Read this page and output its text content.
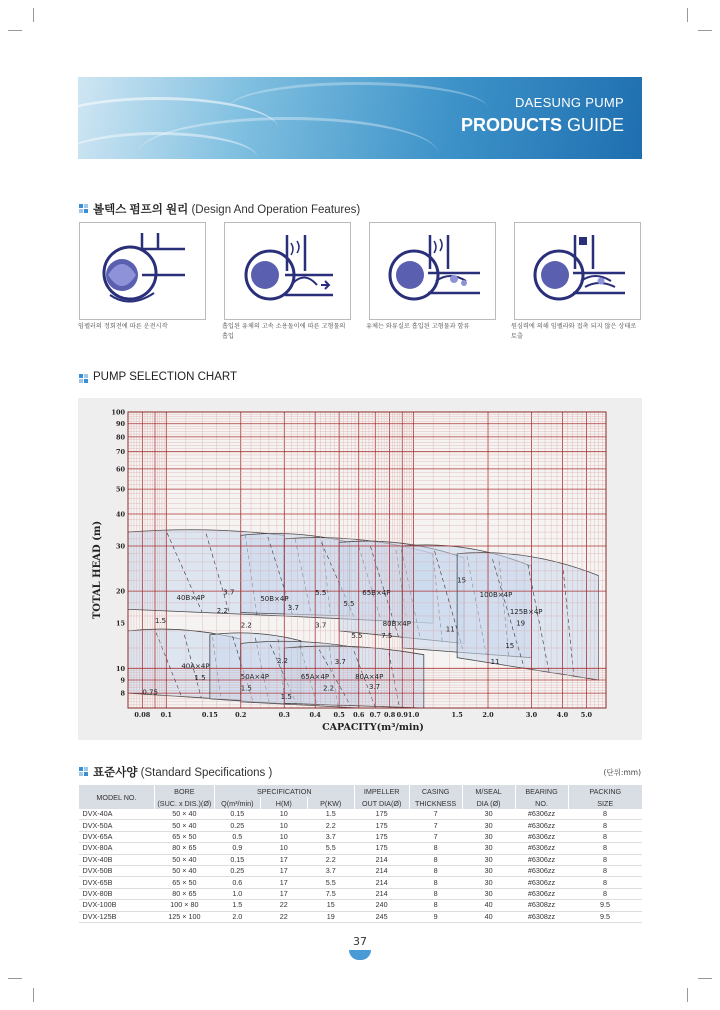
DAESUNG PUMP
PRODUCTS GUIDE
볼텍스 펌프의 원리 (Design And Operation Features)
임펠러의 정회전에 따른 운전시작	흡입된 유체의 고속 소용돌이에 따른 고형물의 흡입
유체는 와류실로 흡입된 고형물과 함류	원심력에 의해 임펠라와 접촉 되지 않은 상태로 토출
PUMP SELECTION CHART
0.08 0.1	0.15	0.2	0.3	0.4 0.5 0.6 0.7 0.8 0.9 1.0	1.5	2.0	3.0	4.0 5.0
8
9
10
15
20
30
40
50
60
70
80
90
100
40B×4P	50B×4P
65B×4P
80B×4P
100B×4P
125B×4P
40A×4P
50A×4P	65A×4P	80A×4P
3.7
2.2
1.5
0.75
1.5
5.5
3.7
2.2
5.5
3.7
5.5	7.5
15
11
19
15
11
2.2
1.5
1.5
3.7
2.2	3.7
CAPACITY(m³/min)
TOTAL HEAD (m)
표준사양 (Standard Specifications )	(단위:mm)
MODEL NO.	BORE	SPECIFICATION			IMPELLER	CASING	M/SEAL	BEARING	PACKING
	(SUC. x DIS.)(Ø)	Q(m³/min)	H(M)	P(KW)	OUT DIA(Ø)	THICKNESS	DIA (Ø)	NO.	SIZE
DVX-40A	50 × 40	0.15	10	1.5	175	7	30	#6306zz	8
DVX-50A	50 × 40	0.25	10	2.2	175	7	30	#6306zz	8
DVX-65A	65 × 50	0.5	10	3.7	175	7	30	#6306zz	8
DVX-80A	80 × 65	0.9	10	5.5	175	8	30	#6306zz	8
DVX-40B	50 × 40	0.15	17	2.2	214	8	30	#6306zz	8
DVX-50B	50 × 40	0.25	17	3.7	214	8	30	#6306zz	8
DVX-65B	65 × 50	0.6	17	5.5	214	8	30	#6306zz	8
DVX-80B	80 × 65	1.0	17	7.5	214	8	30	#6306zz	8
DVX-100B	100 × 80	1.5	22	15	240	8	40	#6308zz	9.5
DVX-125B	125 × 100	2.0	22	19	245	9	40	#6308zz	9.5
37
